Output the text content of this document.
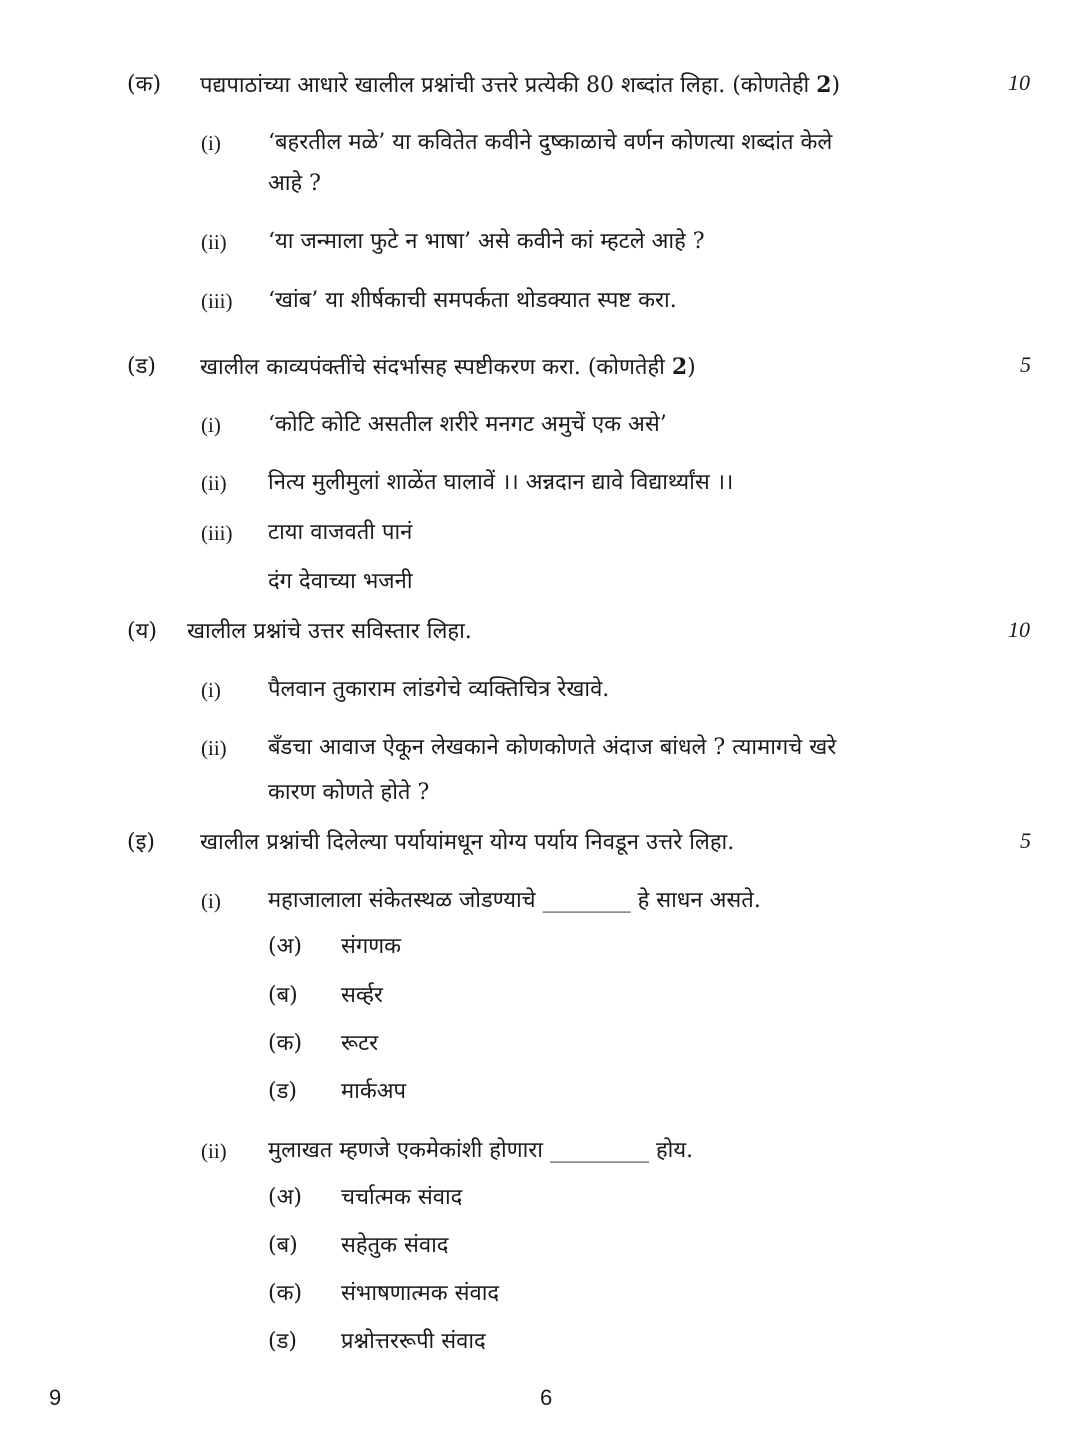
(क) पद्यपाठांच्या आधारे खालील प्रश्नांची उत्तरे प्रत्येकी 80 शब्दांत लिहा. (कोणतेही 2)	10
(i) ‘बहरतील मळे’ या कवितेत कवीने दुष्काळाचे वर्णन कोणत्या शब्दांत केले
आहे ?
(ii) ‘या जन्माला फुटे न भाषा’ असे कवीने कां म्हटले आहे ?
(iii) ‘खांब’ या शीर्षकाची समपर्कता थोडक्यात स्पष्ट करा.
(ड) खालील काव्यपंक्तींचे संदर्भासह स्पष्टीकरण करा. (कोणतेही 2)	5
(i) ‘कोटि कोटि असतील शरीरे मनगट अमुचें एक असे’
(ii) नित्य मुलीमुलां शाळेंत घालावें ।। अन्नदान द्यावे विद्यार्थ्यांस ।।
(iii) टाया वाजवती पानं
दंग देवाच्या भजनी
(य) खालील प्रश्नांचे उत्तर सविस्तार लिहा.	10
(i) पैलवान तुकाराम लांडगेचे व्यक्तिचित्र रेखावे.
(ii) बँडचा आवाज ऐकून लेखकाने कोणकोणते अंदाज बांधले ? त्यामागचे खरे
कारण कोणते होते ?
(इ) खालील प्रश्नांची दिलेल्या पर्यायांमधून योग्य पर्याय निवडून उत्तरे लिहा.	5
(i) महाजालाला संकेतस्थळ जोडण्याचे ________ हे साधन असते.
(अ) संगणक
(ब) सर्व्हर
(क) रूटर
(ड) मार्कअप
(ii) मुलाखत म्हणजे एकमेकांशी होणारा _________ होय.
(अ) चर्चात्मक संवाद
(ब) सहेतुक संवाद
(क) संभाषणात्मक संवाद
(ड) प्रश्नोत्तररूपी संवाद
9	6
